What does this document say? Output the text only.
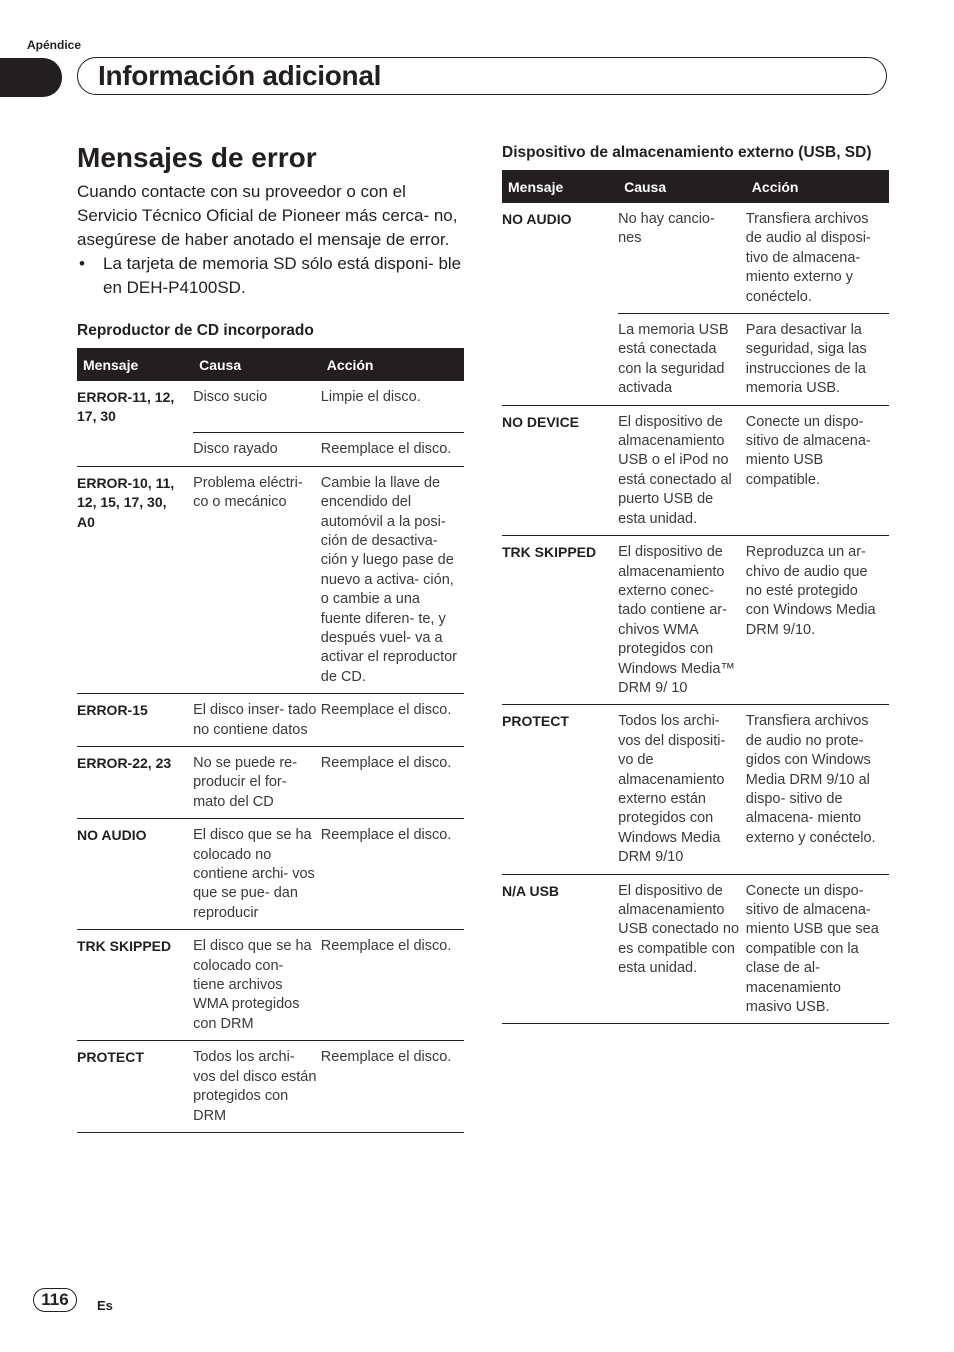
Apéndice
Información adicional
Mensajes de error

Cuando contacte con su proveedor o con el Servicio Técnico Oficial de Pioneer más cerca- no, asegúrese de haber anotado el mensaje de error.

• La tarjeta de memoria SD sólo está disponi- ble en DEH-P4100SD.
Reproductor de CD incorporado
Mensaje	Causa	Acción
ERROR-11, 12, 17, 30	Disco sucio	Limpie el disco.
	Disco rayado	Reemplace el disco.
ERROR-10, 11, 12, 15, 17, 30, A0	Problema eléctri- co o mecánico	Cambie la llave de encendido del automóvil a la posi- ción de desactiva- ción y luego pase de nuevo a activa- ción, o cambie a una fuente diferen- te, y después vuel- va a activar el reproductor de CD.
ERROR-15	El disco inser- tado no contiene datos	Reemplace el disco.
ERROR-22, 23	No se puede re- producir el for- mato del CD	Reemplace el disco.
NO AUDIO	El disco que se ha colocado no contiene archi- vos que se pue- dan reproducir	Reemplace el disco.
TRK SKIPPED	El disco que se ha colocado con- tiene archivos WMA protegidos con DRM	Reemplace el disco.
PROTECT	Todos los archi- vos del disco están protegidos con DRM	Reemplace el disco.
Dispositivo de almacenamiento externo (USB, SD)
Mensaje	Causa	Acción
NO AUDIO	No hay cancio- nes	Transfiera archivos de audio al disposi- tivo de almacena- miento externo y conéctelo.
	La memoria USB está conectada con la seguridad activada	Para desactivar la seguridad, siga las instrucciones de la memoria USB.
NO DEVICE	El dispositivo de almacenamiento USB o el iPod no está conectado al puerto USB de esta unidad.	Conecte un dispo- sitivo de almacena- miento USB compatible.
TRK SKIPPED	El dispositivo de almacenamiento externo conec- tado contiene ar- chivos WMA protegidos con Windows Media™ DRM 9/ 10	Reproduzca un ar- chivo de audio que no esté protegido con Windows Media DRM 9/10.
PROTECT	Todos los archi- vos del dispositi- vo de almacenamiento externo están protegidos con Windows Media DRM 9/10	Transfiera archivos de audio no prote- gidos con Windows Media DRM 9/10 al dispo- sitivo de almacena- miento externo y conéctelo.
N/A USB	El dispositivo de almacenamiento USB conectado no es compatible con esta unidad.	Conecte un dispo- sitivo de almacena- miento USB que sea compatible con la clase de al- macenamiento masivo USB.
116	Es
